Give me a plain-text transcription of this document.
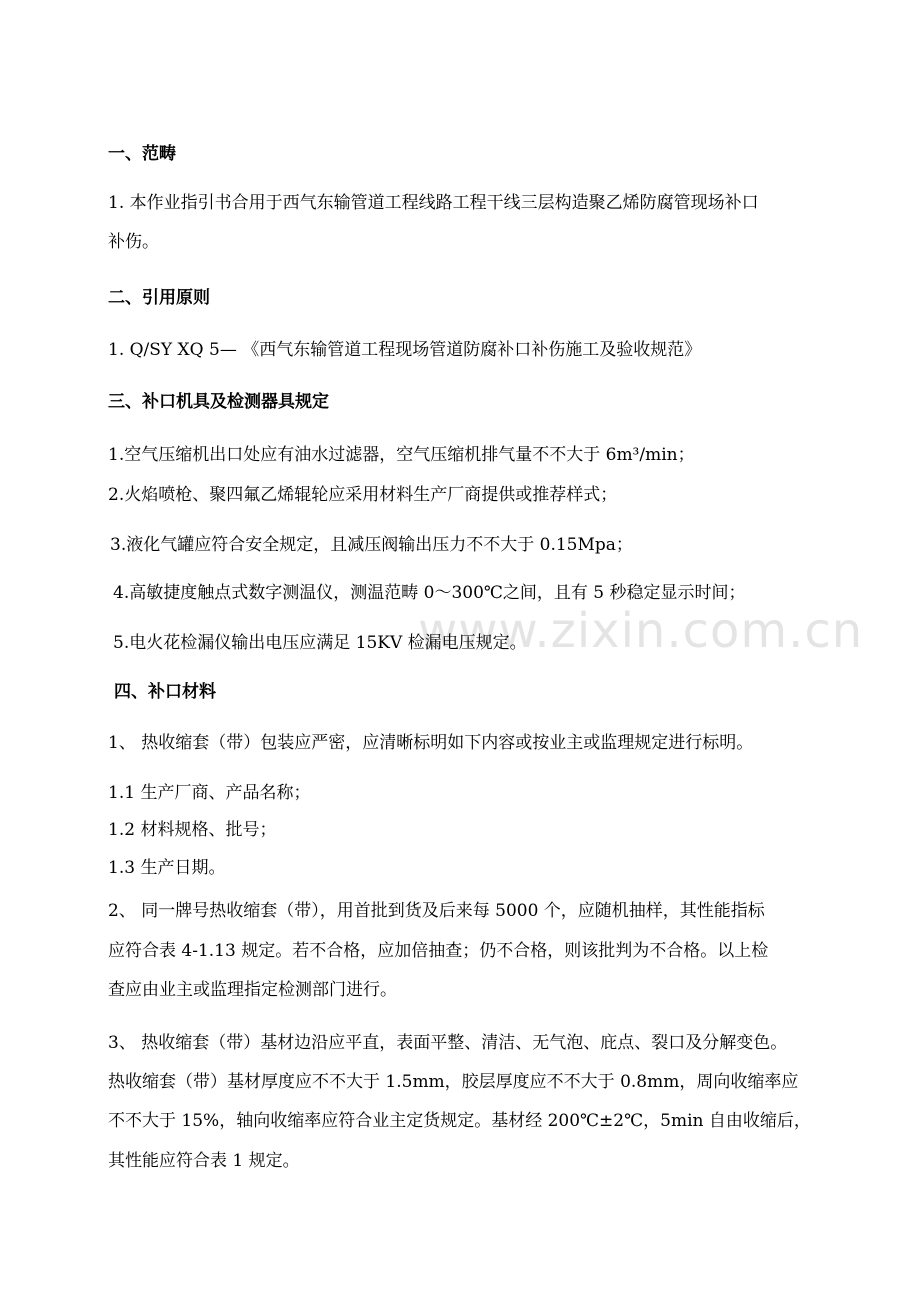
www.zixin.com.cn
一、范畴
1. 本作业指引书合用于西气东输管道工程线路工程干线三层构造聚乙烯防腐管现场补口
补伤。
二、引用原则
1. Q/SY XQ 5— 《西气东输管道工程现场管道防腐补口补伤施工及验收规范》
三、补口机具及检测器具规定
1.空气压缩机出口处应有油水过滤器，空气压缩机排气量不不大于 6m³/min；
2.火焰喷枪、聚四氟乙烯辊轮应采用材料生产厂商提供或推荐样式；
3.液化气罐应符合安全规定，且减压阀输出压力不不大于 0.15Mpa；
4.高敏捷度触点式数字测温仪，测温范畴 0～300℃之间，且有 5 秒稳定显示时间；
5.电火花检漏仪输出电压应满足 15KV 检漏电压规定。
四、补口材料
1、 热收缩套（带）包装应严密，应清晰标明如下内容或按业主或监理规定进行标明。
1.1 生产厂商、产品名称；
1.2 材料规格、批号；
1.3 生产日期。
2、 同一牌号热收缩套（带），用首批到货及后来每 5000 个，应随机抽样，其性能指标
应符合表 4-1.13 规定。若不合格，应加倍抽查；仍不合格，则该批判为不合格。以上检
查应由业主或监理指定检测部门进行。
3、 热收缩套（带）基材边沿应平直，表面平整、清洁、无气泡、庇点、裂口及分解变色。
热收缩套（带）基材厚度应不不大于 1.5mm，胶层厚度应不不大于 0.8mm，周向收缩率应
不不大于 15%，轴向收缩率应符合业主定货规定。基材经 200℃±2℃，5min 自由收缩后，
其性能应符合表 1 规定。
